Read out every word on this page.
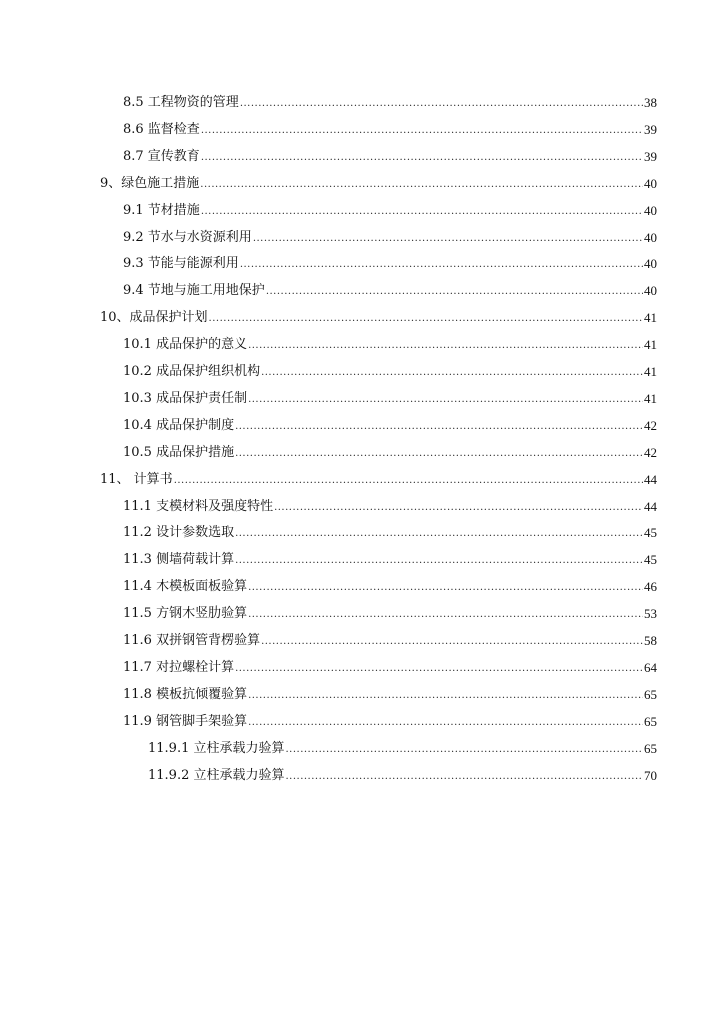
8.5 工程物资的管理 .....	38
8.6 监督检查 .....	39
8.7 宣传教育 .....	39
9、绿色施工措施 .....	40
9.1 节材措施 .....	40
9.2 节水与水资源利用 .....	40
9.3 节能与能源利用 .....	40
9.4 节地与施工用地保护 .....	40
10、成品保护计划 .....	41
10.1 成品保护的意义 .....	41
10.2 成品保护组织机构 .....	41
10.3 成品保护责任制 .....	41
10.4 成品保护制度 .....	42
10.5 成品保护措施 .....	42
11、 计算书 .....	44
11.1 支模材料及强度特性 .....	44
11.2 设计参数选取 .....	45
11.3 侧墙荷载计算 .....	45
11.4 木模板面板验算 .....	46
11.5 方钢木竖肋验算 .....	53
11.6 双拼钢管背楞验算 .....	58
11.7 对拉螺栓计算 .....	64
11.8 模板抗倾覆验算 .....	65
11.9 钢管脚手架验算 .....	65
11.9.1 立柱承载力验算 .....	65
11.9.2 立柱承载力验算 .....	70
